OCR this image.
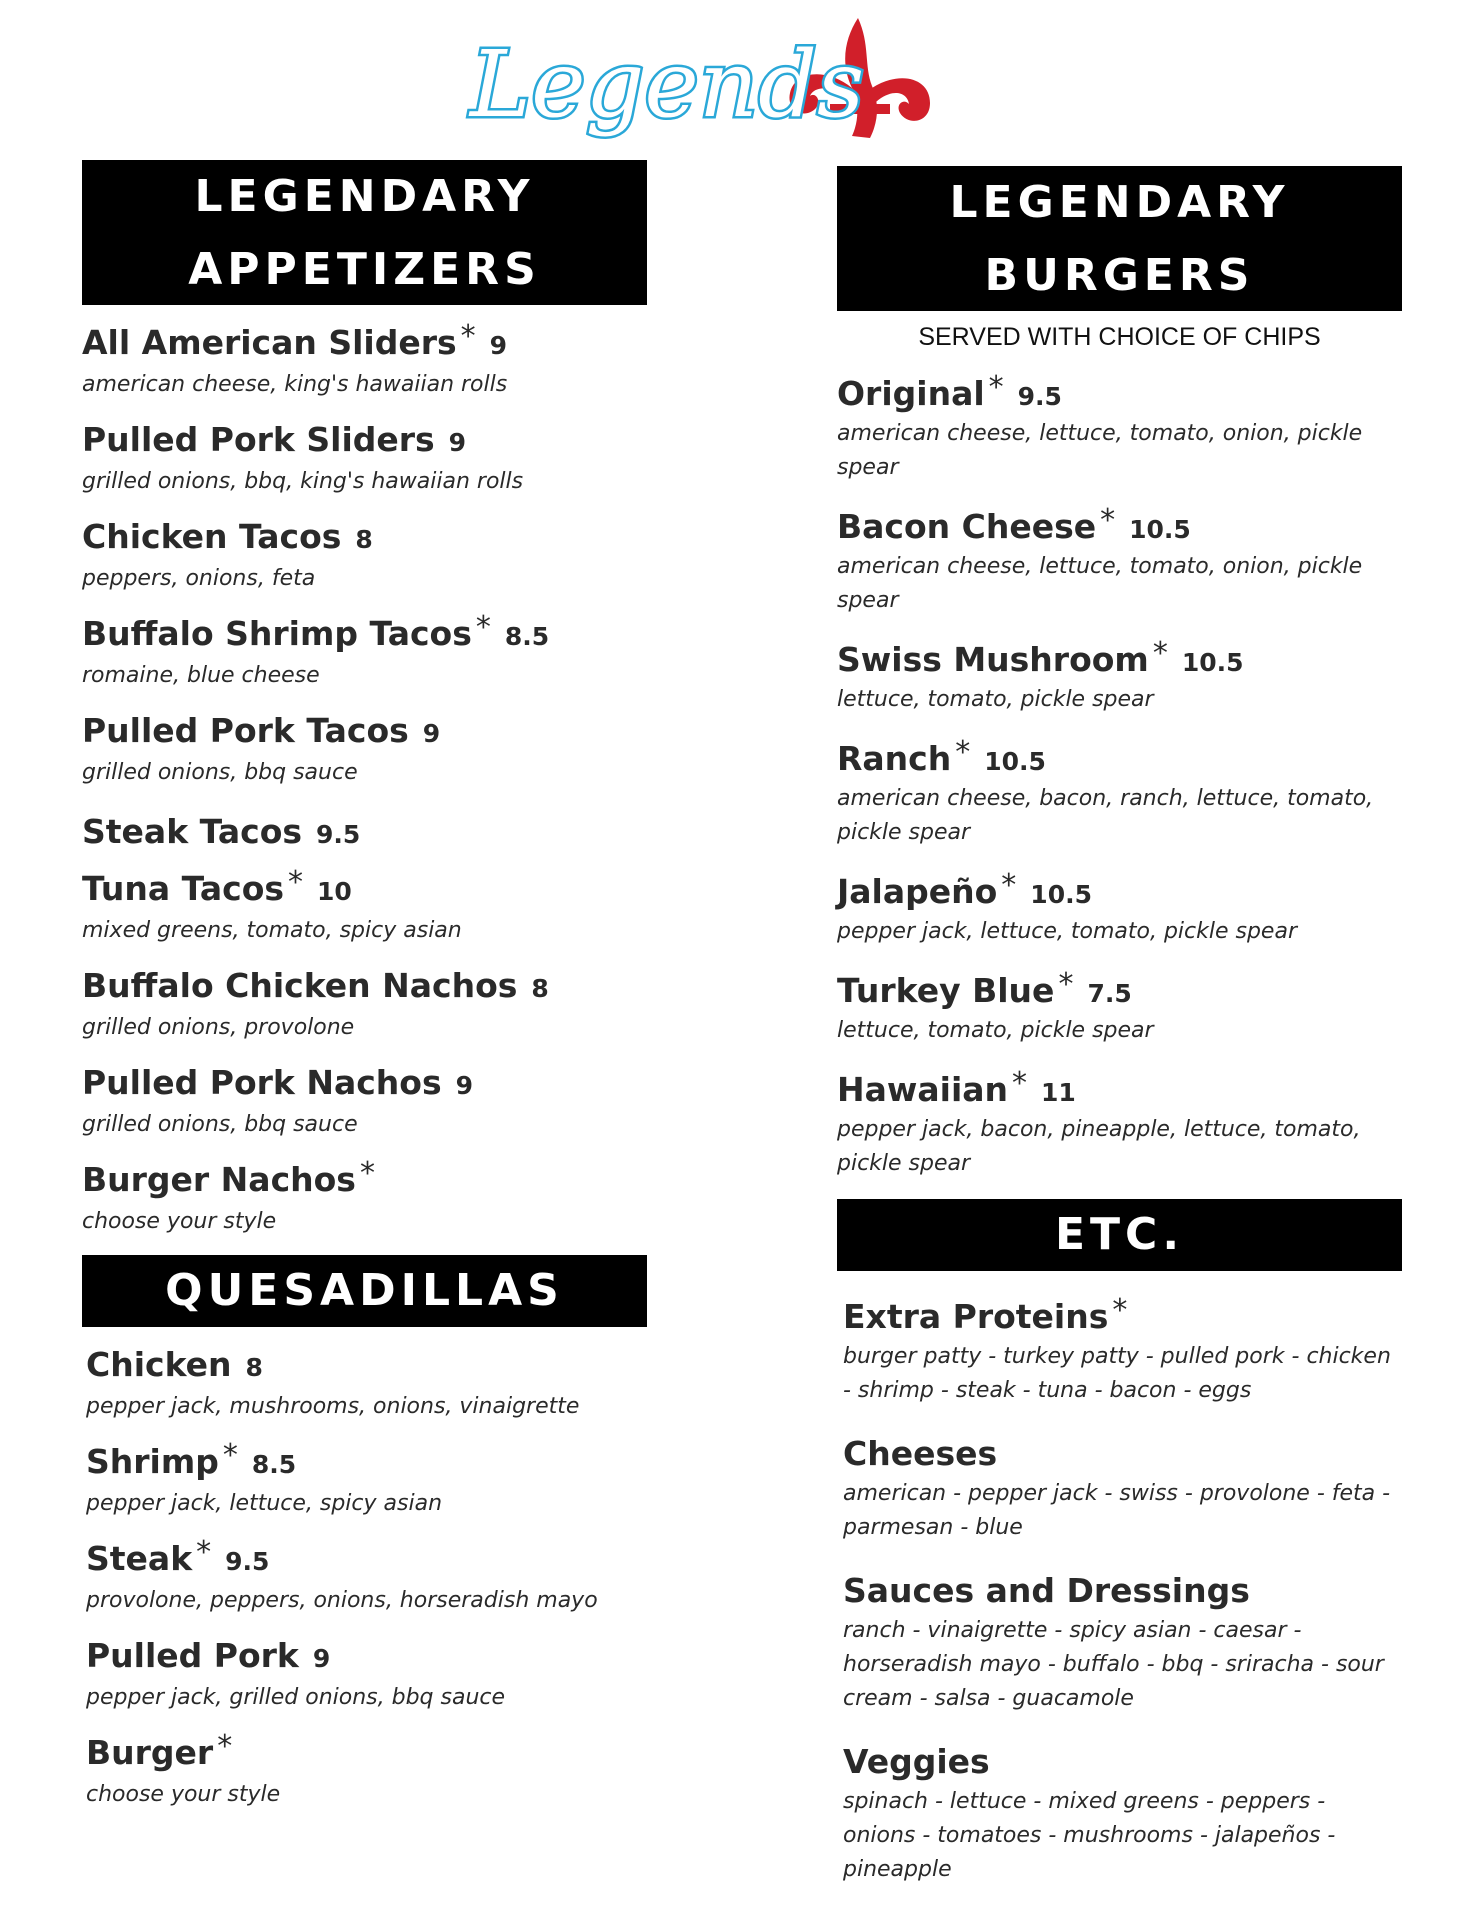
Legends
LEGENDARY
APPETIZERS
All American Sliders * 9
american cheese, king's hawaiian rolls
Pulled Pork Sliders 9
grilled onions, bbq, king's hawaiian rolls
Chicken Tacos 8
peppers, onions, feta
Buffalo Shrimp Tacos * 8.5
romaine, blue cheese
Pulled Pork Tacos 9
grilled onions, bbq sauce
Steak Tacos 9.5
Tuna Tacos * 10
mixed greens, tomato, spicy asian
Buffalo Chicken Nachos 8
grilled onions, provolone
Pulled Pork Nachos 9
grilled onions, bbq sauce
Burger Nachos *
choose your style
QUESADILLAS
Chicken 8
pepper jack, mushrooms, onions, vinaigrette
Shrimp * 8.5
pepper jack, lettuce, spicy asian
Steak * 9.5
provolone, peppers, onions, horseradish mayo
Pulled Pork 9
pepper jack, grilled onions, bbq sauce
Burger *
choose your style
LEGENDARY
BURGERS
SERVED WITH CHOICE OF CHIPS
Original * 9.5
american cheese, lettuce, tomato, onion, pickle spear
Bacon Cheese * 10.5
american cheese, lettuce, tomato, onion, pickle spear
Swiss Mushroom * 10.5
lettuce, tomato, pickle spear
Ranch * 10.5
american cheese, bacon, ranch, lettuce, tomato, pickle spear
Jalapeño * 10.5
pepper jack, lettuce, tomato, pickle spear
Turkey Blue * 7.5
lettuce, tomato, pickle spear
Hawaiian * 11
pepper jack, bacon, pineapple, lettuce, tomato, pickle spear
ETC.
Extra Proteins *
burger patty - turkey patty - pulled pork - chicken - shrimp - steak - tuna - bacon - eggs
Cheeses
american - pepper jack - swiss - provolone - feta - parmesan - blue
Sauces and Dressings
ranch - vinaigrette - spicy asian - caesar - horseradish mayo - buffalo - bbq - sriracha - sour cream - salsa - guacamole
Veggies
spinach - lettuce - mixed greens - peppers - onions - tomatoes - mushrooms - jalapeños - pineapple
